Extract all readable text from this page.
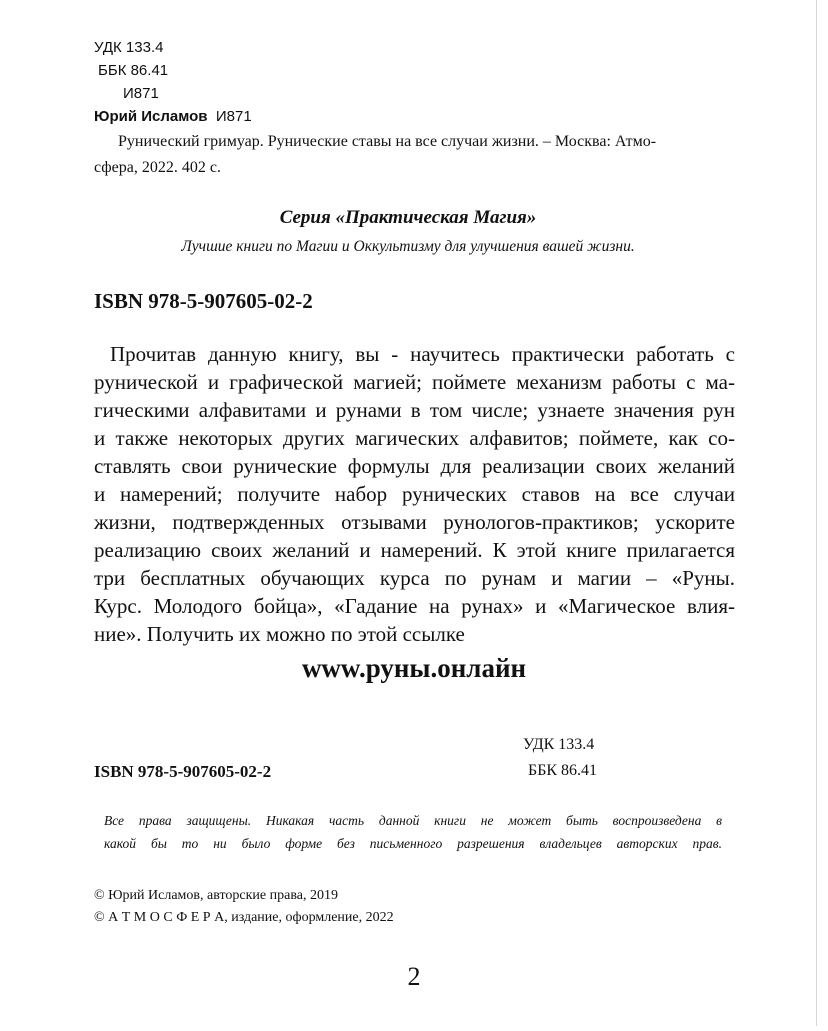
УДК 133.4
ББК 86.41
И871
Юрий Исламов И871
Рунический гримуар. Рунические ставы на все случаи жизни. – Москва: Атмо-
сфера, 2022. 402 с.
Серия «Практическая Магия»
Лучшие книги по Магии и Оккультизму для улучшения вашей жизни.
ISBN 978-5-907605-02-2
Прочитав данную книгу, вы - научитесь практически работать с
рунической и графической магией; поймете механизм работы с ма-
гическими алфавитами и рунами в том числе; узнаете значения рун
и также некоторых других магических алфавитов; поймете, как со-
ставлять свои рунические формулы для реализации своих желаний
и намерений; получите набор рунических ставов на все случаи
жизни, подтвержденных отзывами рунологов-практиков; ускорите
реализацию своих желаний и намерений. К этой книге прилагается
три бесплатных обучающих курса по рунам и магии – «Руны.
Курс. Молодого бойца», «Гадание на рунах» и «Магическое влия-
ние». Получить их можно по этой ссылке
www.руны.онлайн
УДК 133.4
ISBN 978-5-907605-02-2	ББК 86.41
Все права защищены. Никакая часть данной книги не может быть воспроизведена в
какой бы то ни было форме без письменного разрешения владельцев авторских прав.
© Юрий Исламов, авторские права, 2019
© А Т М О С Ф Е Р А, издание, оформление, 2022
2
